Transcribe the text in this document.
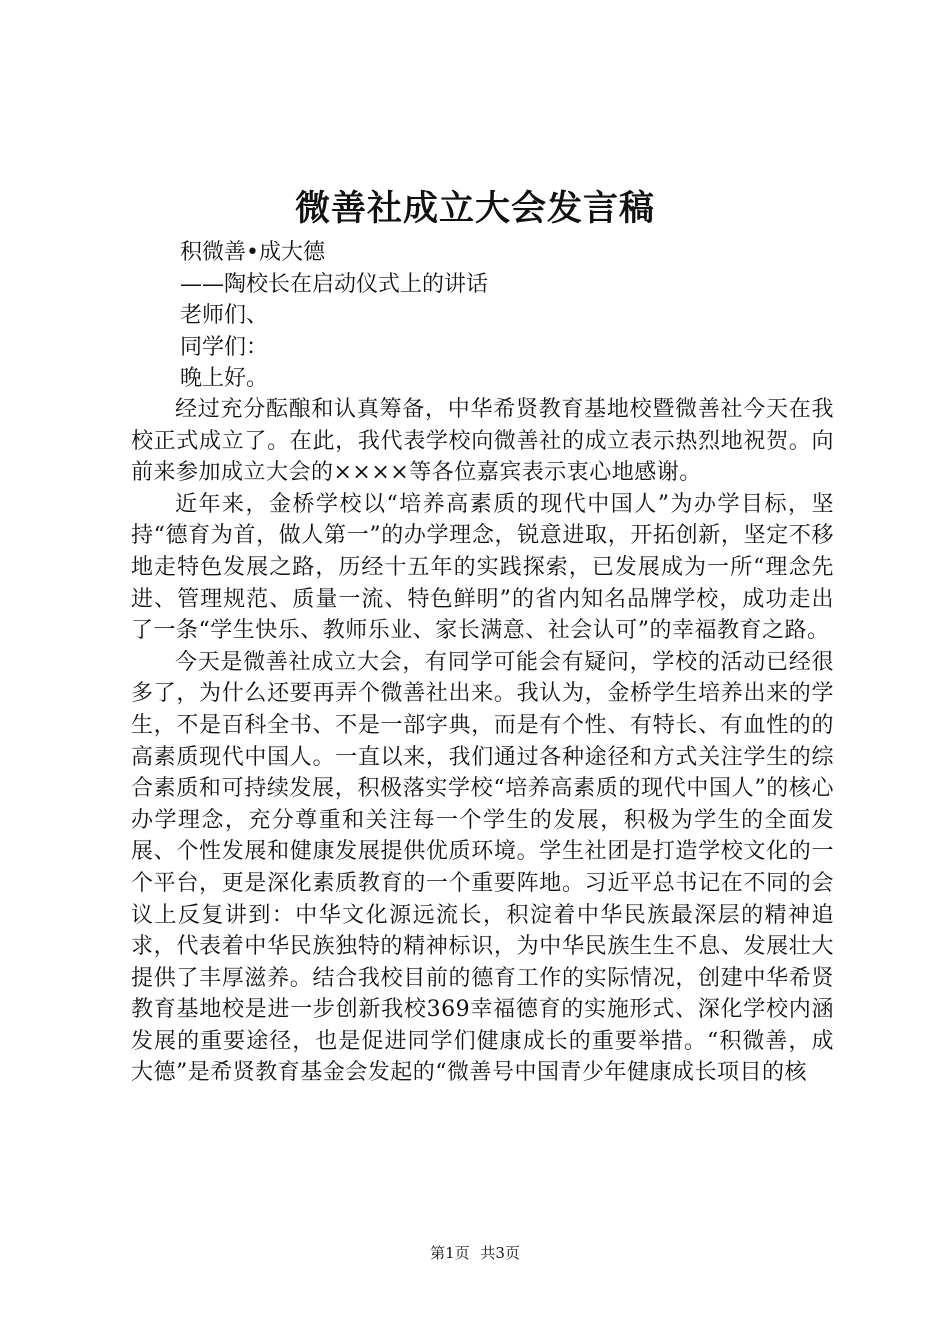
微善社成立大会发言稿
积微善•成大德
——陶校长在启动仪式上的讲话
老师们、
同学们：
晚上好。

经过充分酝酿和认真筹备，中华希贤教育基地校暨微善社今天在我校正式成立了。在此，我代表学校向微善社的成立表示热烈地祝贺。向前来参加成立大会的××××等各位嘉宾表示衷心地感谢。

近年来，金桥学校以“培养高素质的现代中国人”为办学目标，坚持“德育为首，做人第一”的办学理念，锐意进取，开拓创新，坚定不移地走特色发展之路，历经十五年的实践探索，已发展成为一所“理念先进、管理规范、质量一流、特色鲜明”的省内知名品牌学校，成功走出了一条“学生快乐、教师乐业、家长满意、社会认可”的幸福教育之路。

今天是微善社成立大会，有同学可能会有疑问，学校的活动已经很多了，为什么还要再弄个微善社出来。我认为，金桥学生培养出来的学生，不是百科全书、不是一部字典，而是有个性、有特长、有血性的的高素质现代中国人。一直以来，我们通过各种途径和方式关注学生的综合素质和可持续发展，积极落实学校“培养高素质的现代中国人”的核心办学理念，充分尊重和关注每一个学生的发展，积极为学生的全面发展、个性发展和健康发展提供优质环境。学生社团是打造学校文化的一个平台，更是深化素质教育的一个重要阵地。习近平总书记在不同的会议上反复讲到：中华文化源远流长，积淀着中华民族最深层的精神追求，代表着中华民族独特的精神标识，为中华民族生生不息、发展壮大提供了丰厚滋养。结合我校目前的德育工作的实际情况，创建中华希贤教育基地校是进一步创新我校369幸福德育的实施形式、深化学校内涵发展的重要途径，也是促进同学们健康成长的重要举措。“积微善，成大德”是希贤教育基金会发起的“微善号中国青少年健康成长项目的核

第1页 共3页
